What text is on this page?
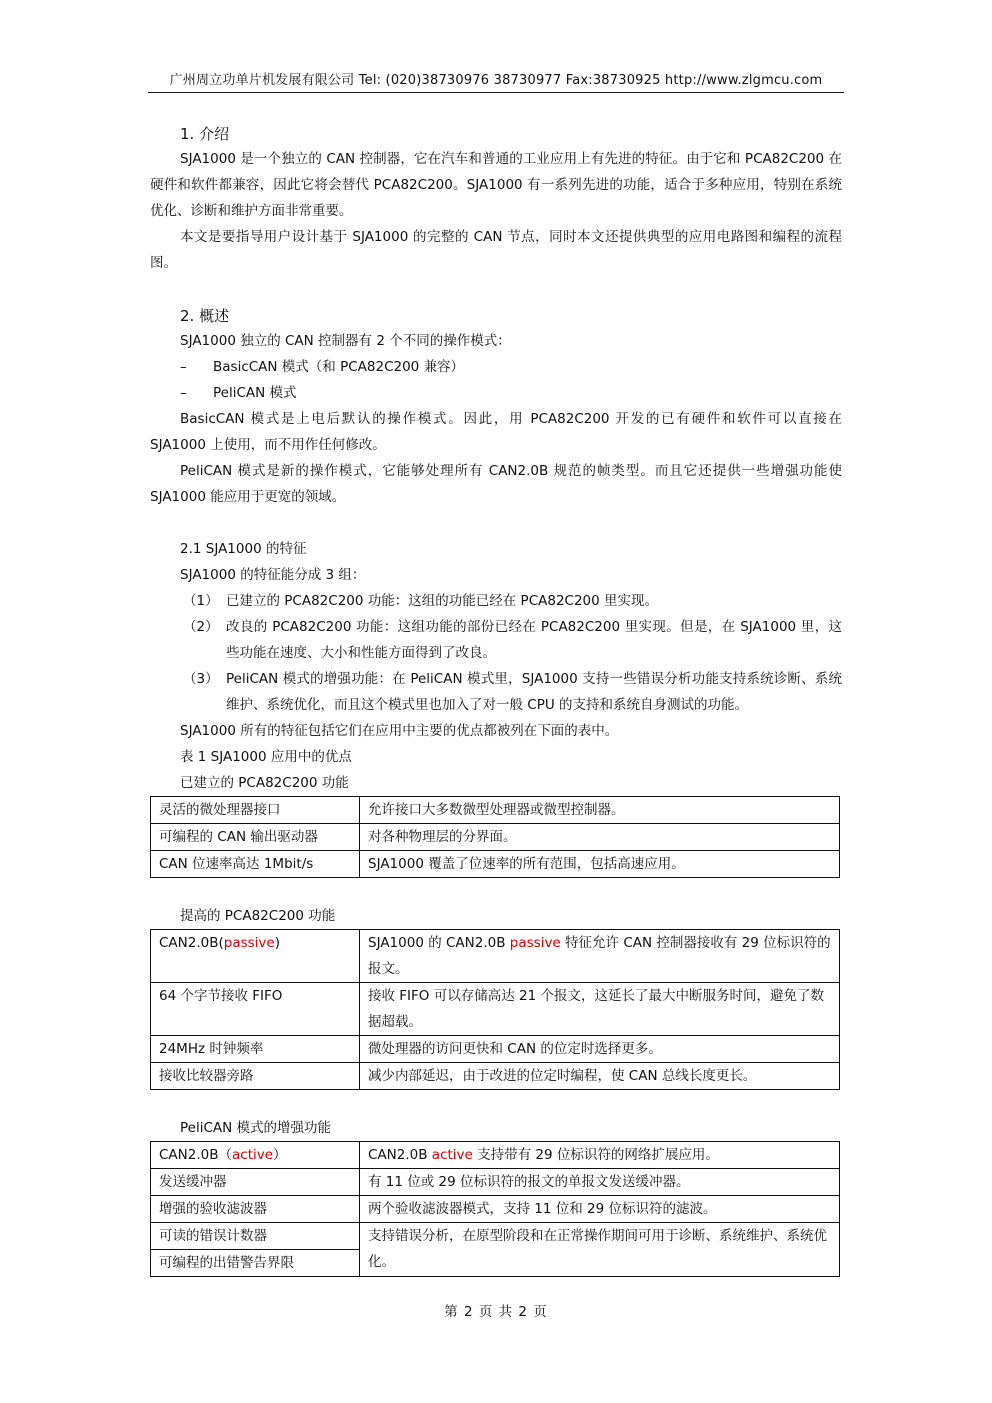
广州周立功单片机发展有限公司 Tel: (020)38730976 38730977 Fax:38730925 http://www.zlgmcu.com
1. 介绍
SJA1000 是一个独立的 CAN 控制器，它在汽车和普通的工业应用上有先进的特征。由于它和 PCA82C200 在硬件和软件都兼容，因此它将会替代 PCA82C200。SJA1000 有一系列先进的功能，适合于多种应用，特别在系统优化、诊断和维护方面非常重要。
本文是要指导用户设计基于 SJA1000 的完整的 CAN 节点，同时本文还提供典型的应用电路图和编程的流程图。
2. 概述
SJA1000 独立的 CAN 控制器有 2 个不同的操作模式：
– BasicCAN 模式（和 PCA82C200 兼容）
– PeliCAN 模式
BasicCAN 模式是上电后默认的操作模式。因此，用 PCA82C200 开发的已有硬件和软件可以直接在 SJA1000 上使用，而不用作任何修改。
PeliCAN 模式是新的操作模式，它能够处理所有 CAN2.0B 规范的帧类型。而且它还提供一些增强功能使 SJA1000 能应用于更宽的领域。
2.1 SJA1000 的特征
SJA1000 的特征能分成 3 组：
（1） 已建立的 PCA82C200 功能：这组的功能已经在 PCA82C200 里实现。
（2） 改良的 PCA82C200 功能：这组功能的部份已经在 PCA82C200 里实现。但是，在 SJA1000 里，这些功能在速度、大小和性能方面得到了改良。
（3） PeliCAN 模式的增强功能：在 PeliCAN 模式里，SJA1000 支持一些错误分析功能支持系统诊断、系统维护、系统优化，而且这个模式里也加入了对一般 CPU 的支持和系统自身测试的功能。
SJA1000 所有的特征包括它们在应用中主要的优点都被列在下面的表中。
表 1 SJA1000 应用中的优点
已建立的 PCA82C200 功能
灵活的微处理器接口	允许接口大多数微型处理器或微型控制器。
可编程的 CAN 输出驱动器	对各种物理层的分界面。
CAN 位速率高达 1Mbit/s	SJA1000 覆盖了位速率的所有范围，包括高速应用。
提高的 PCA82C200 功能
CAN2.0B(passive)	SJA1000 的 CAN2.0B passive 特征允许 CAN 控制器接收有 29 位标识符的报文。
64 个字节接收 FIFO	接收 FIFO 可以存储高达 21 个报文，这延长了最大中断服务时间，避免了数据超载。
24MHz 时钟频率	微处理器的访问更快和 CAN 的位定时选择更多。
接收比较器旁路	减少内部延迟，由于改进的位定时编程，使 CAN 总线长度更长。
PeliCAN 模式的增强功能
CAN2.0B（active）	CAN2.0B active 支持带有 29 位标识符的网络扩展应用。
发送缓冲器	有 11 位或 29 位标识符的报文的单报文发送缓冲器。
增强的验收滤波器	两个验收滤波器模式，支持 11 位和 29 位标识符的滤波。
可读的错误计数器	支持错误分析，在原型阶段和在正常操作期间可用于诊断、系统维护、系统优化。
可编程的出错警告界限	
第 2 页 共 2 页
